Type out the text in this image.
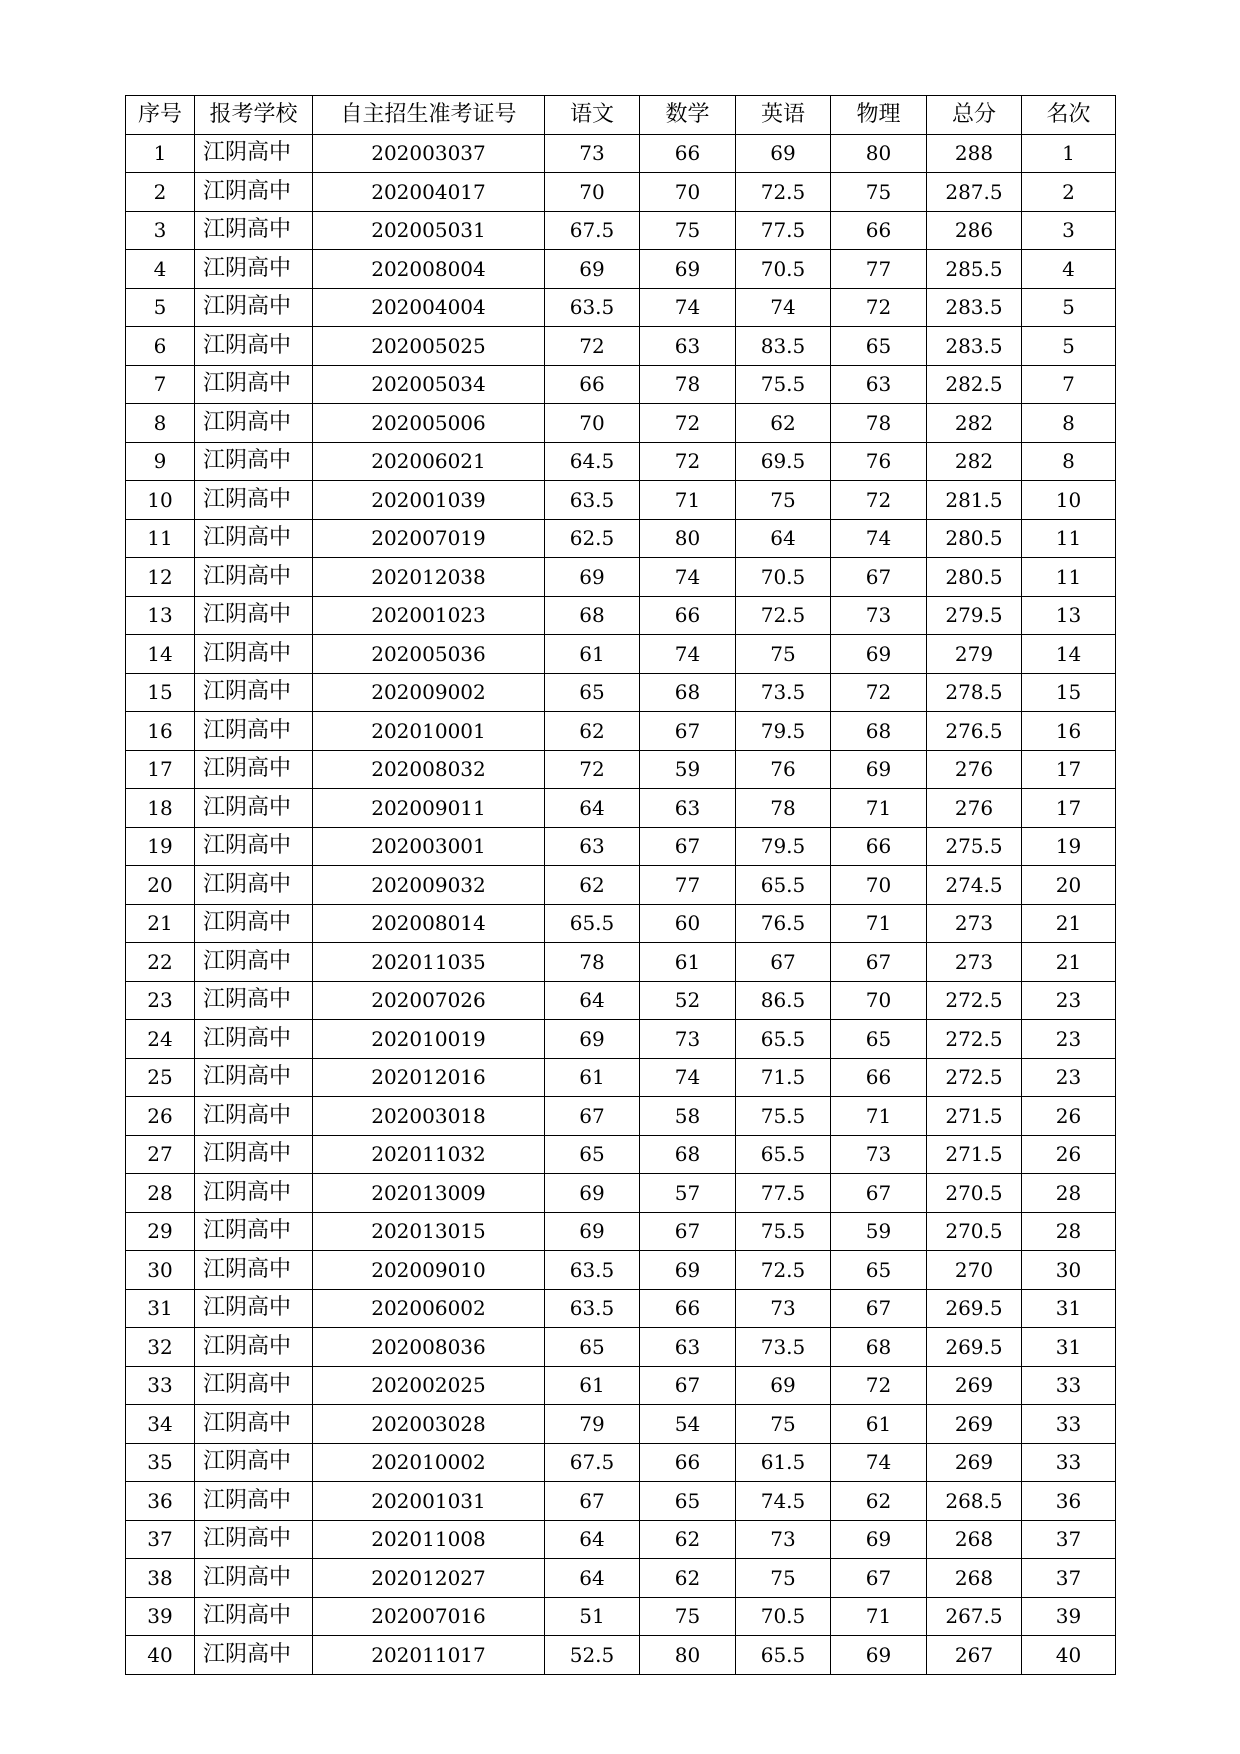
序号	报考学校	自主招生准考证号	语文	数学	英语	物理	总分	名次
1	江阴高中	202003037	73	66	69	80	288	1
2	江阴高中	202004017	70	70	72.5	75	287.5	2
3	江阴高中	202005031	67.5	75	77.5	66	286	3
4	江阴高中	202008004	69	69	70.5	77	285.5	4
5	江阴高中	202004004	63.5	74	74	72	283.5	5
6	江阴高中	202005025	72	63	83.5	65	283.5	5
7	江阴高中	202005034	66	78	75.5	63	282.5	7
8	江阴高中	202005006	70	72	62	78	282	8
9	江阴高中	202006021	64.5	72	69.5	76	282	8
10	江阴高中	202001039	63.5	71	75	72	281.5	10
11	江阴高中	202007019	62.5	80	64	74	280.5	11
12	江阴高中	202012038	69	74	70.5	67	280.5	11
13	江阴高中	202001023	68	66	72.5	73	279.5	13
14	江阴高中	202005036	61	74	75	69	279	14
15	江阴高中	202009002	65	68	73.5	72	278.5	15
16	江阴高中	202010001	62	67	79.5	68	276.5	16
17	江阴高中	202008032	72	59	76	69	276	17
18	江阴高中	202009011	64	63	78	71	276	17
19	江阴高中	202003001	63	67	79.5	66	275.5	19
20	江阴高中	202009032	62	77	65.5	70	274.5	20
21	江阴高中	202008014	65.5	60	76.5	71	273	21
22	江阴高中	202011035	78	61	67	67	273	21
23	江阴高中	202007026	64	52	86.5	70	272.5	23
24	江阴高中	202010019	69	73	65.5	65	272.5	23
25	江阴高中	202012016	61	74	71.5	66	272.5	23
26	江阴高中	202003018	67	58	75.5	71	271.5	26
27	江阴高中	202011032	65	68	65.5	73	271.5	26
28	江阴高中	202013009	69	57	77.5	67	270.5	28
29	江阴高中	202013015	69	67	75.5	59	270.5	28
30	江阴高中	202009010	63.5	69	72.5	65	270	30
31	江阴高中	202006002	63.5	66	73	67	269.5	31
32	江阴高中	202008036	65	63	73.5	68	269.5	31
33	江阴高中	202002025	61	67	69	72	269	33
34	江阴高中	202003028	79	54	75	61	269	33
35	江阴高中	202010002	67.5	66	61.5	74	269	33
36	江阴高中	202001031	67	65	74.5	62	268.5	36
37	江阴高中	202011008	64	62	73	69	268	37
38	江阴高中	202012027	64	62	75	67	268	37
39	江阴高中	202007016	51	75	70.5	71	267.5	39
40	江阴高中	202011017	52.5	80	65.5	69	267	40
